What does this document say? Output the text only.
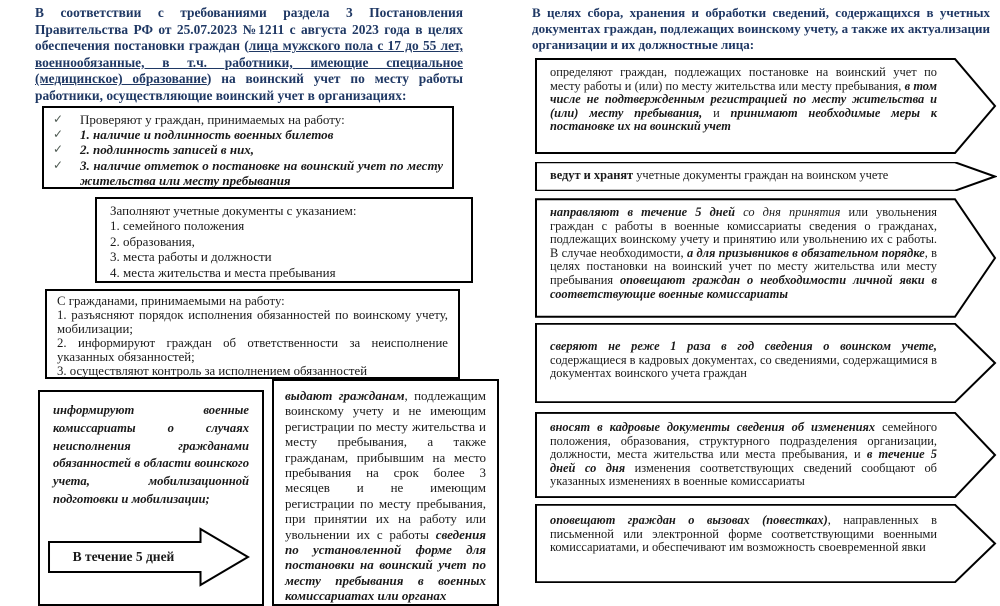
В соответствии с требованиями раздела 3 Постановления Правительства РФ от 25.07.2023 №1211 с августа 2023 года в целях обеспечения постановки граждан (лица мужского пола с 17 до 55 лет, военнообязанные, в т.ч. работники, имеющие специальное (медицинское) образование) на воинский учет по месту работы работники, осуществляющие воинский учет в организациях:
✓	Проверяют у граждан, принимаемых на работу:
✓	1. наличие и подлинность военных билетов
✓	2. подлинность записей в них,
✓	3. наличие отметок о постановке на воинский учет по месту жительства или месту пребывания
Заполняют учетные документы с указанием:
1. семейного положения
2. образования,
3. места работы и должности
4. места жительства и места пребывания
С гражданами, принимаемыми на работу:
1. разъясняют порядок исполнения обязанностей по воинскому учету, мобилизации;
2. информируют граждан об ответственности за неисполнение указанных обязанностей;
3. осуществляют контроль за исполнением обязанностей
информируют военные комиссариаты о случаях неисполнения гражданами обязанностей в области воинского учета, мобилизационной подготовки и мобилизации;
В течение 5 дней
выдают гражданам, подлежащим воинскому учету и не имеющим регистрации по месту жительства и месту пребывания, а также гражданам, прибывшим на место пребывания на срок более 3 месяцев и не имеющим регистрации по месту пребывания, при принятии их на работу или увольнении их с работы сведения по установленной форме для постановки на воинский учет по месту пребывания в военных комиссариатах или органах
В целях сбора, хранения и обработки сведений, содержащихся в учетных документах граждан, подлежащих воинскому учету, а также их актуализации организации и их должностные лица:
определяют граждан, подлежащих постановке на воинский учет по месту работы и (или) по месту жительства или месту пребывания, в том числе не подтвержденным регистрацией по месту жительства и (или) месту пребывания, и принимают необходимые меры к постановке их на воинский учет
ведут и хранят учетные документы граждан на воинском учете
направляют в течение 5 дней со дня принятия или увольнения граждан с работы в военные комиссариаты сведения о гражданах, подлежащих воинскому учету и принятию или увольнению их с работы. В случае необходимости, а для призывников в обязательном порядке, в целях постановки на воинский учет по месту жительства или месту пребывания оповещают граждан о необходимости личной явки в соответствующие военные комиссариаты
сверяют не реже 1 раза в год сведения о воинском учете, содержащиеся в кадровых документах, со сведениями, содержащимися в документах воинского учета граждан
вносят в кадровые документы сведения об изменениях семейного положения, образования, структурного подразделения организации, должности, места жительства или места пребывания, и в течение 5 дней со дня изменения соответствующих сведений сообщают об указанных изменениях в военные комиссариаты
оповещают граждан о вызовах (повестках), направленных в письменной или электронной форме соответствующими военными комиссариатами, и обеспечивают им возможность своевременной явки
